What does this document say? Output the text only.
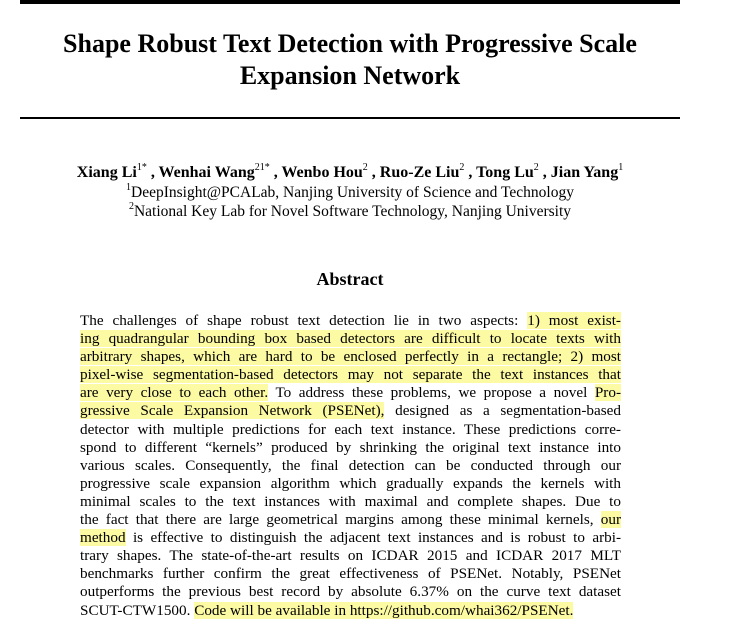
Shape Robust Text Detection with Progressive Scale
Expansion Network
Xiang $Li^{1*}$ , Wenhai Wang$^{21*}$ , Wenbo Hou$^2$ , Ruo-Ze Liu$^2$ , Tong Lu$^2$ , Jian Yang$^1$
$^1$DeepInsight@PCALab, Nanjing University of Science and Technology
$^2$National Key Lab for Novel Software Technology, Nanjing University
Abstract
The challenges of shape robust text detection lie in two aspects: 1) most exist-
ing quadrangular bounding box based detectors are difficult to locate texts with
arbitrary shapes, which are hard to be enclosed perfectly in a rectangle; 2) most
pixel-wise segmentation-based detectors may not separate the text instances that
are very close to each other. To address these problems, we propose a novel Pro-
gressive Scale Expansion Network (PSENet), designed as a segmentation-based
detector with multiple predictions for each text instance. These predictions corre-
spond to different “kernels” produced by shrinking the original text instance into
various scales. Consequently, the final detection can be conducted through our
progressive scale expansion algorithm which gradually expands the kernels with
minimal scales to the text instances with maximal and complete shapes. Due to
the fact that there are large geometrical margins among these minimal kernels, our
method is effective to distinguish the adjacent text instances and is robust to arbi-
trary shapes. The state-of-the-art results on ICDAR 2015 and ICDAR 2017 MLT
benchmarks further confirm the great effectiveness of PSENet. Notably, PSENet
outperforms the previous best record by absolute 6.37% on the curve text dataset
SCUT-CTW1500. Code will be available in https://github.com/whai362/PSENet.
